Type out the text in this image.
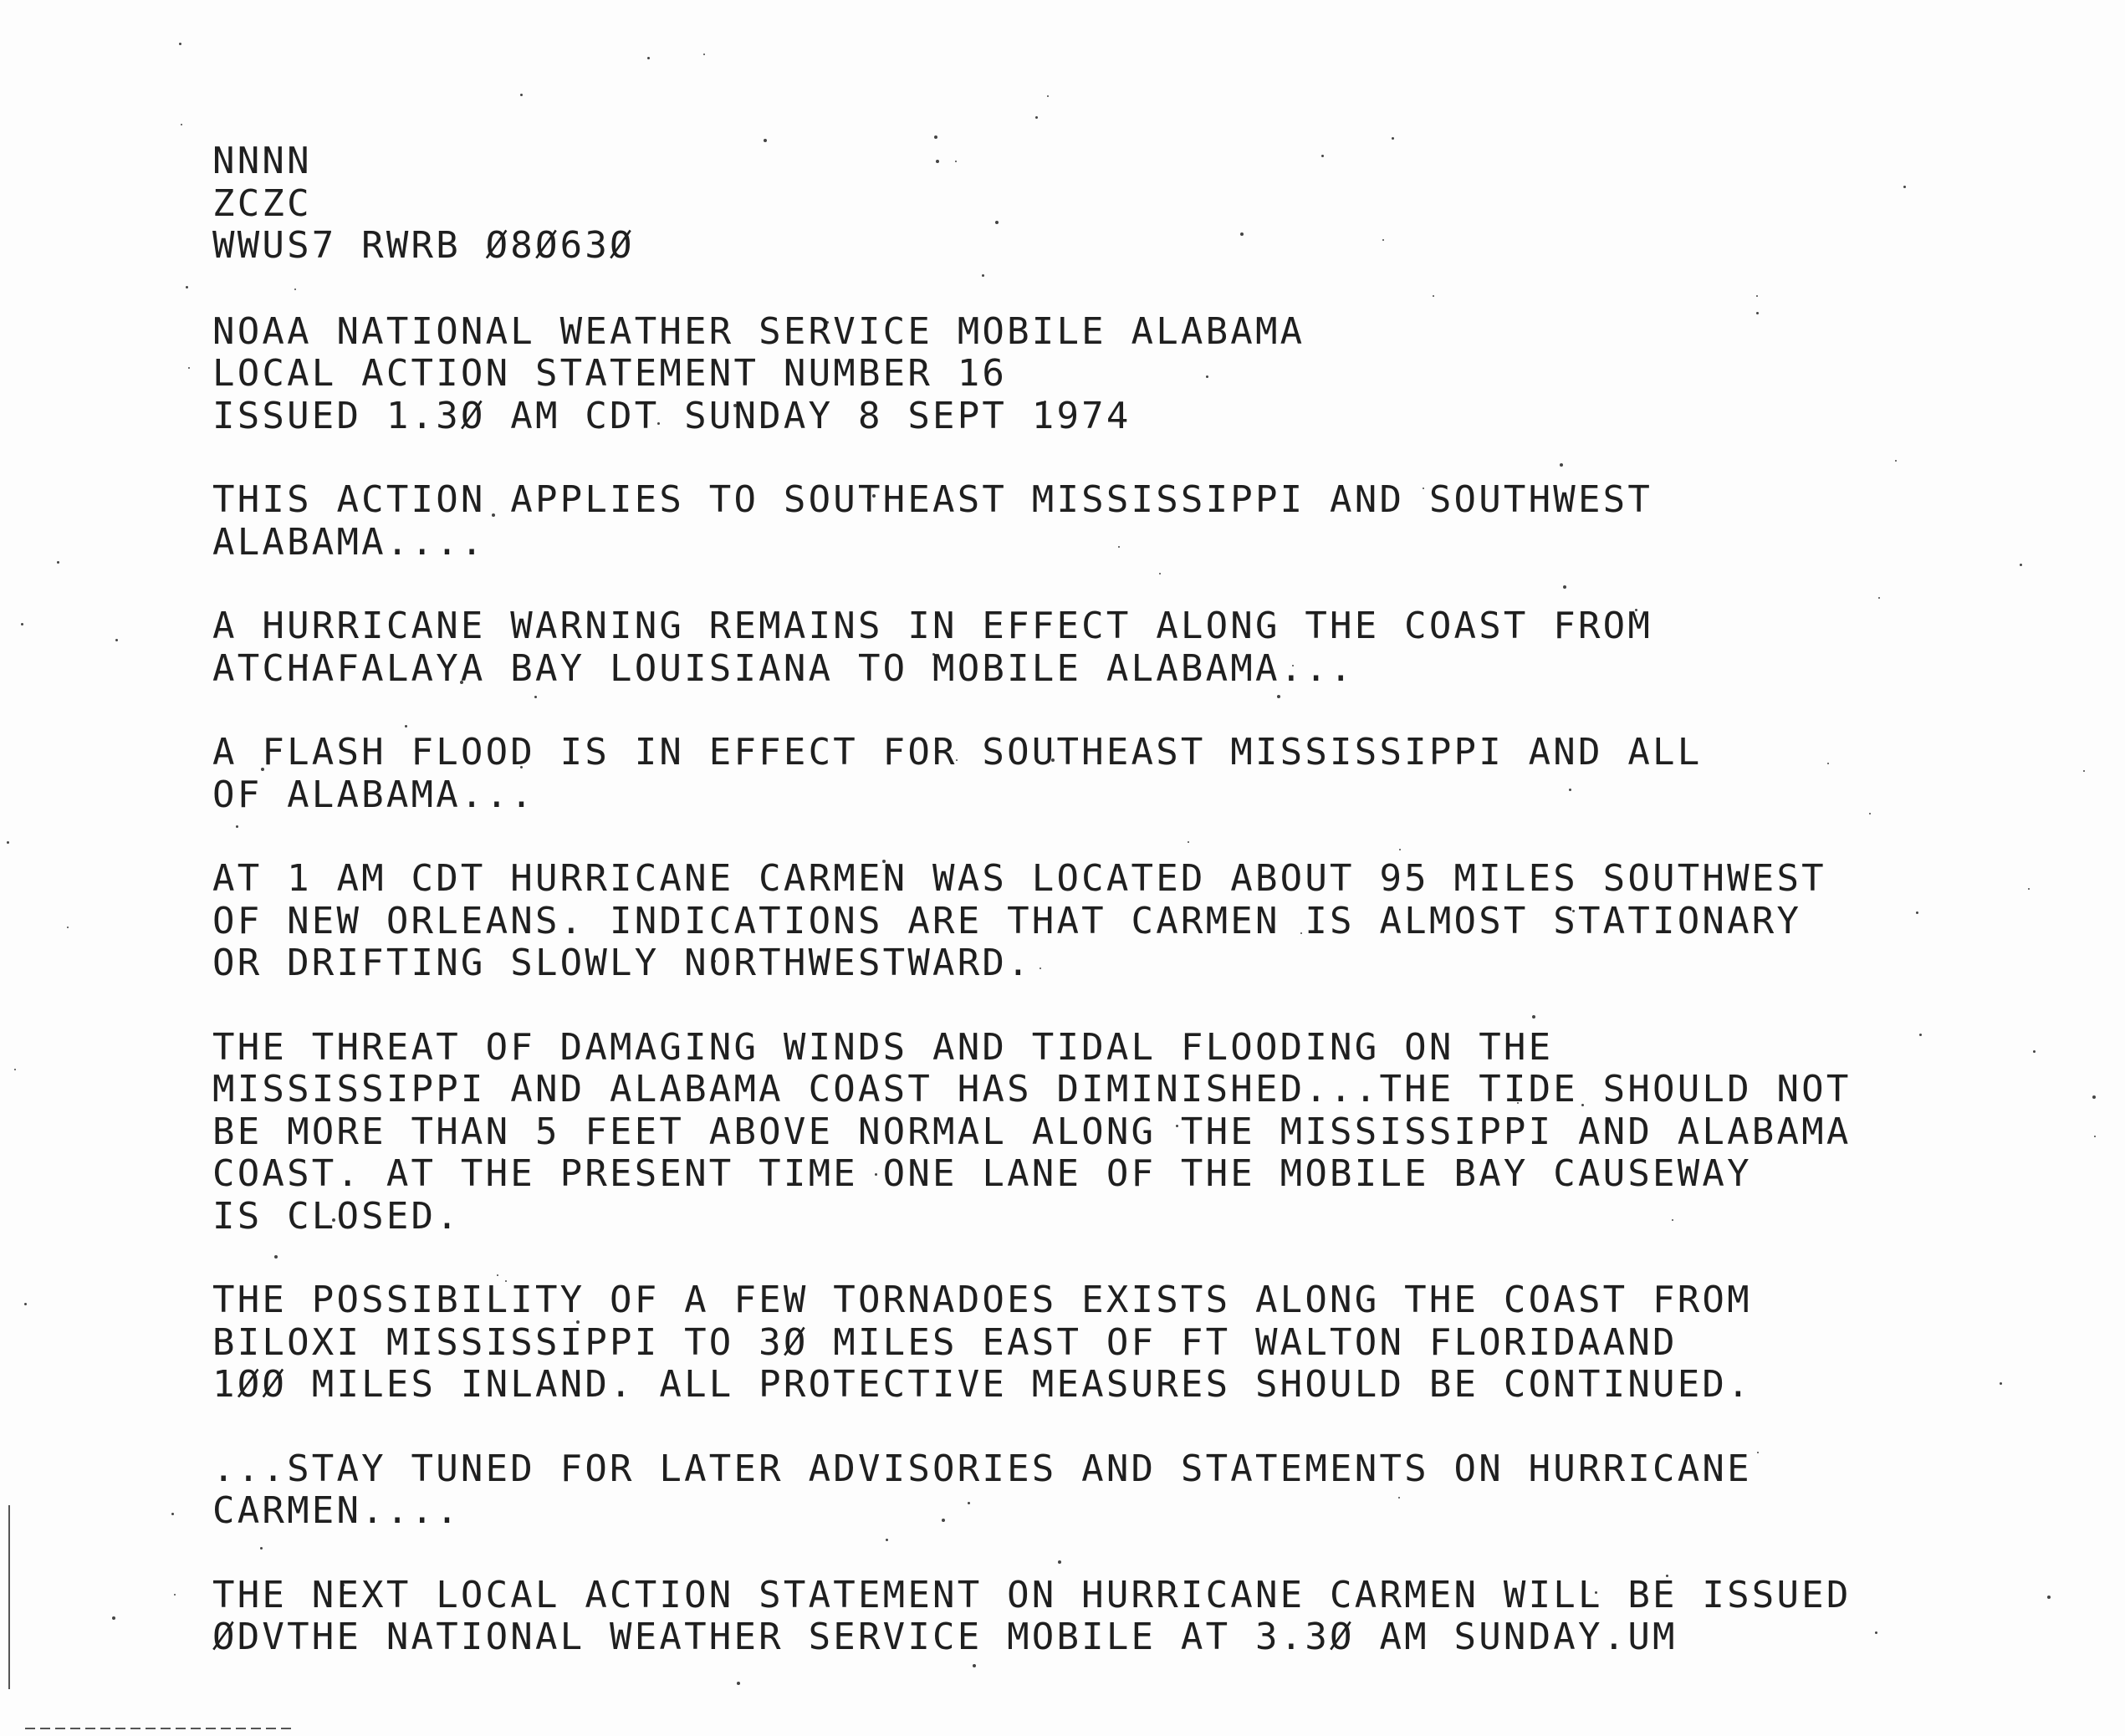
NNNN
ZCZC
WWUS7 RWRB Ø8Ø63Ø
NOAA NATIONAL WEATHER SERVICE MOBILE ALABAMA
LOCAL ACTION STATEMENT NUMBER 16
ISSUED 1.3Ø AM CDT SUNDAY 8 SEPT 1974
THIS ACTION APPLIES TO SOUTHEAST MISSISSIPPI AND SOUTHWEST
ALABAMA....
A HURRICANE WARNING REMAINS IN EFFECT ALONG THE COAST FROM
ATCHAFALAYA BAY LOUISIANA TO MOBILE ALABAMA...
A FLASH FLOOD IS IN EFFECT FOR SOUTHEAST MISSISSIPPI AND ALL
OF ALABAMA...
AT 1 AM CDT HURRICANE CARMEN WAS LOCATED ABOUT 95 MILES SOUTHWEST
OF NEW ORLEANS. INDICATIONS ARE THAT CARMEN IS ALMOST STATIONARY
OR DRIFTING SLOWLY NORTHWESTWARD.
THE THREAT OF DAMAGING WINDS AND TIDAL FLOODING ON THE
MISSISSIPPI AND ALABAMA COAST HAS DIMINISHED...THE TIDE SHOULD NOT
BE MORE THAN 5 FEET ABOVE NORMAL ALONG THE MISSISSIPPI AND ALABAMA
COAST. AT THE PRESENT TIME ONE LANE OF THE MOBILE BAY CAUSEWAY
IS CLOSED.
THE POSSIBILITY OF A FEW TORNADOES EXISTS ALONG THE COAST FROM
BILOXI MISSISSIPPI TO 3Ø MILES EAST OF FT WALTON FLORIDAAND
1ØØ MILES INLAND. ALL PROTECTIVE MEASURES SHOULD BE CONTINUED.
...STAY TUNED FOR LATER ADVISORIES AND STATEMENTS ON HURRICANE
CARMEN....
THE NEXT LOCAL ACTION STATEMENT ON HURRICANE CARMEN WILL BE ISSUED
ØDVTHE NATIONAL WEATHER SERVICE MOBILE AT 3.3Ø AM SUNDAY.UM
